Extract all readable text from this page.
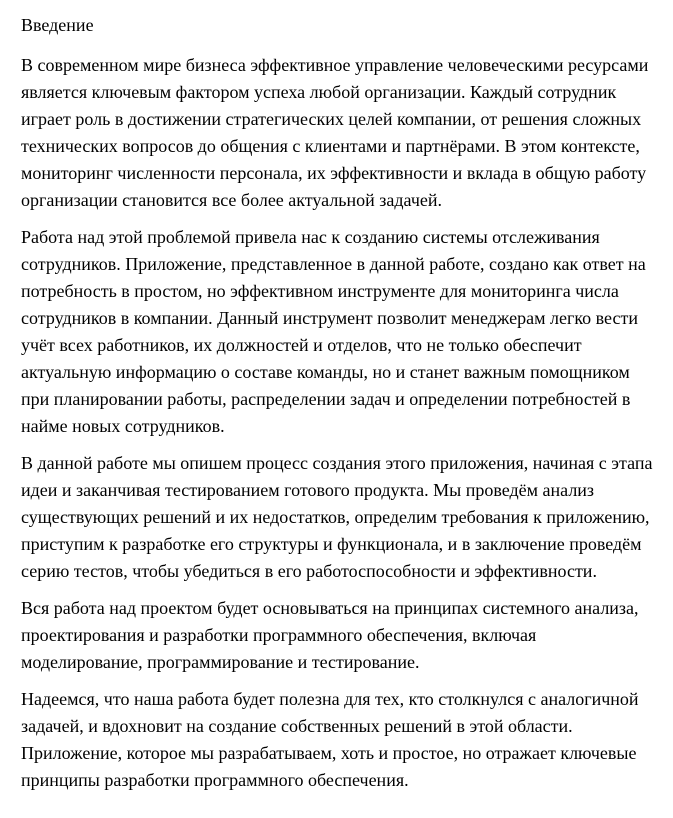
Введение

В современном мире бизнеса эффективное управление человеческими ресурсами является ключевым фактором успеха любой организации. Каждый сотрудник играет роль в достижении стратегических целей компании, от решения сложных технических вопросов до общения с клиентами и партнёрами. В этом контексте, мониторинг численности персонала, их эффективности и вклада в общую работу организации становится все более актуальной задачей.

Работа над этой проблемой привела нас к созданию системы отслеживания сотрудников. Приложение, представленное в данной работе, создано как ответ на потребность в простом, но эффективном инструменте для мониторинга числа сотрудников в компании. Данный инструмент позволит менеджерам легко вести учёт всех работников, их должностей и отделов, что не только обеспечит актуальную информацию о составе команды, но и станет важным помощником при планировании работы, распределении задач и определении потребностей в найме новых сотрудников.

В данной работе мы опишем процесс создания этого приложения, начиная с этапа идеи и заканчивая тестированием готового продукта. Мы проведём анализ существующих решений и их недостатков, определим требования к приложению, приступим к разработке его структуры и функционала, и в заключение проведём серию тестов, чтобы убедиться в его работоспособности и эффективности.

Вся работа над проектом будет основываться на принципах системного анализа, проектирования и разработки программного обеспечения, включая моделирование, программирование и тестирование.

Надеемся, что наша работа будет полезна для тех, кто столкнулся с аналогичной задачей, и вдохновит на создание собственных решений в этой области. Приложение, которое мы разрабатываем, хоть и простое, но отражает ключевые принципы разработки программного обеспечения.
